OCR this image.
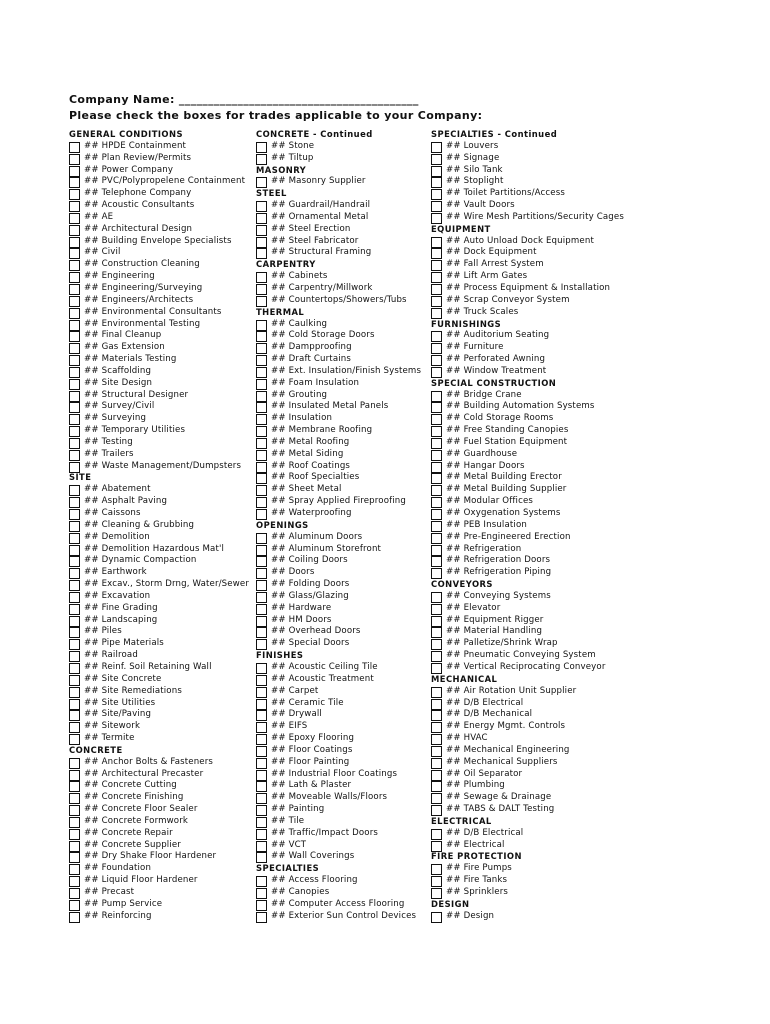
Company Name: _________________________________________
Please check the boxes for trades applicable to your Company:
GENERAL CONDITIONS
## HPDE Containment
## Plan Review/Permits
## Power Company
## PVC/Polypropelene Containment
## Telephone Company
## Acoustic Consultants
## AE
## Architectural Design
## Building Envelope Specialists
## Civil
## Construction Cleaning
## Engineering
## Engineering/Surveying
## Engineers/Architects
## Environmental Consultants
## Environmental Testing
## Final Cleanup
## Gas Extension
## Materials Testing
## Scaffolding
## Site Design
## Structural Designer
## Survey/Civil
## Surveying
## Temporary Utilities
## Testing
## Trailers
## Waste Management/Dumpsters
SITE
## Abatement
## Asphalt Paving
## Caissons
## Cleaning & Grubbing
## Demolition
## Demolition Hazardous Mat'l
## Dynamic Compaction
## Earthwork
## Excav., Storm Drng, Water/Sewer
## Excavation
## Fine Grading
## Landscaping
## Piles
## Pipe Materials
## Railroad
## Reinf. Soil Retaining Wall
## Site Concrete
## Site Remediations
## Site Utilities
## Site/Paving
## Sitework
## Termite
CONCRETE
## Anchor Bolts & Fasteners
## Architectural Precaster
## Concrete Cutting
## Concrete Finishing
## Concrete Floor Sealer
## Concrete Formwork
## Concrete Repair
## Concrete Supplier
## Dry Shake Floor Hardener
## Foundation
## Liquid Floor Hardener
## Precast
## Pump Service
## Reinforcing
CONCRETE - Continued
## Stone
## Tiltup
MASONRY
## Masonry Supplier
STEEL
## Guardrail/Handrail
## Ornamental Metal
## Steel Erection
## Steel Fabricator
## Structural Framing
CARPENTRY
## Cabinets
## Carpentry/Millwork
## Countertops/Showers/Tubs
THERMAL
## Caulking
## Cold Storage Doors
## Dampproofing
## Draft Curtains
## Ext. Insulation/Finish Systems
## Foam Insulation
## Grouting
## Insulated Metal Panels
## Insulation
## Membrane Roofing
## Metal Roofing
## Metal Siding
## Roof Coatings
## Roof Specialties
## Sheet Metal
## Spray Applied Fireproofing
## Waterproofing
OPENINGS
## Aluminum Doors
## Aluminum Storefront
## Coiling Doors
## Doors
## Folding Doors
## Glass/Glazing
## Hardware
## HM Doors
## Overhead Doors
## Special Doors
FINISHES
## Acoustic Ceiling Tile
## Acoustic Treatment
## Carpet
## Ceramic Tile
## Drywall
## EIFS
## Epoxy Flooring
## Floor Coatings
## Floor Painting
## Industrial Floor Coatings
## Lath & Plaster
## Moveable Walls/Floors
## Painting
## Tile
## Traffic/Impact Doors
## VCT
## Wall Coverings
SPECIALTIES
## Access Flooring
## Canopies
## Computer Access Flooring
## Exterior Sun Control Devices
SPECIALTIES - Continued
## Louvers
## Signage
## Silo Tank
## Stoplight
## Toilet Partitions/Access
## Vault Doors
## Wire Mesh Partitions/Security Cages
EQUIPMENT
## Auto Unload Dock Equipment
## Dock Equipment
## Fall Arrest System
## Lift Arm Gates
## Process Equipment & Installation
## Scrap Conveyor System
## Truck Scales
FURNISHINGS
## Auditorium Seating
## Furniture
## Perforated Awning
## Window Treatment
SPECIAL CONSTRUCTION
## Bridge Crane
## Building Automation Systems
## Cold Storage Rooms
## Free Standing Canopies
## Fuel Station Equipment
## Guardhouse
## Hangar Doors
## Metal Building Erector
## Metal Building Supplier
## Modular Offices
## Oxygenation Systems
## PEB Insulation
## Pre-Engineered Erection
## Refrigeration
## Refrigeration Doors
## Refrigeration Piping
CONVEYORS
## Conveying Systems
## Elevator
## Equipment Rigger
## Material Handling
## Palletize/Shrink Wrap
## Pneumatic Conveying System
## Vertical Reciprocating Conveyor
MECHANICAL
## Air Rotation Unit Supplier
## D/B Electrical
## D/B Mechanical
## Energy Mgmt. Controls
## HVAC
## Mechanical Engineering
## Mechanical Suppliers
## Oil Separator
## Plumbing
## Sewage & Drainage
## TABS & DALT Testing
ELECTRICAL
## D/B Electrical
## Electrical
FIRE PROTECTION
## Fire Pumps
## Fire Tanks
## Sprinklers
DESIGN
## Design
